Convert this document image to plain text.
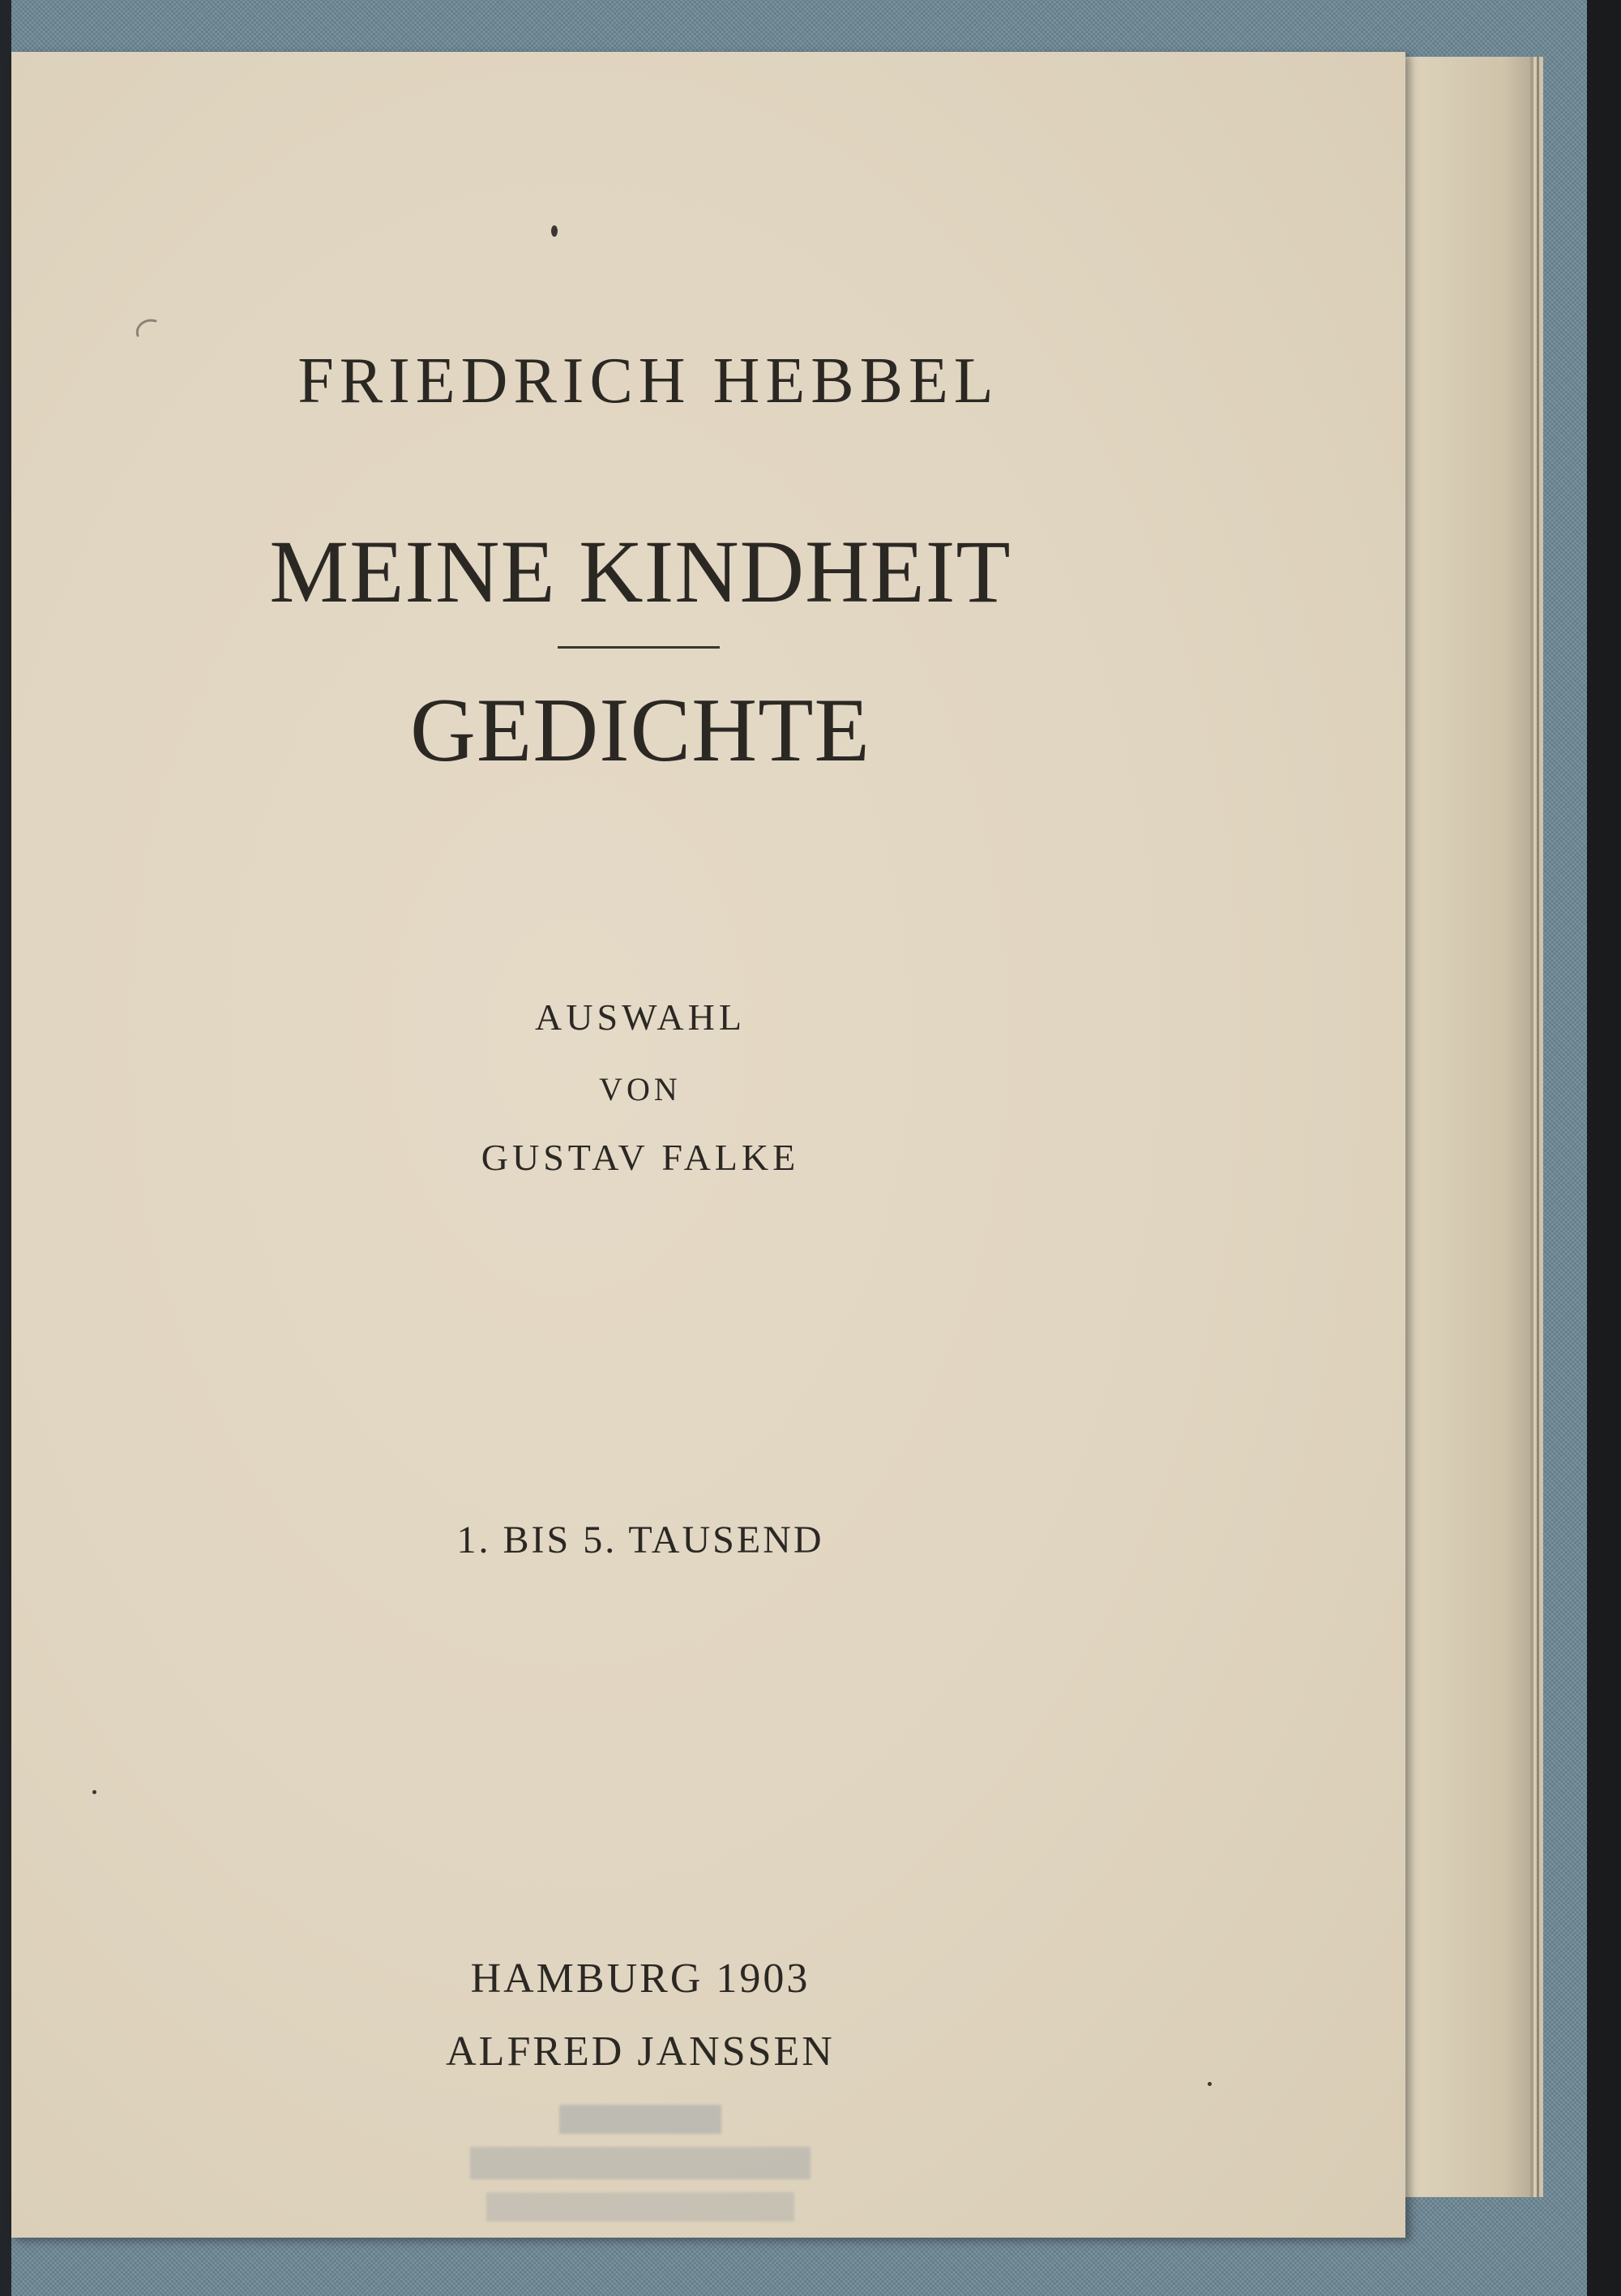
FRIEDRICH HEBBEL

MEINE KINDHEIT

GEDICHTE

AUSWAHL

VON

GUSTAV FALKE

1. BIS 5. TAUSEND

HAMBURG 1903

ALFRED JANSSEN
